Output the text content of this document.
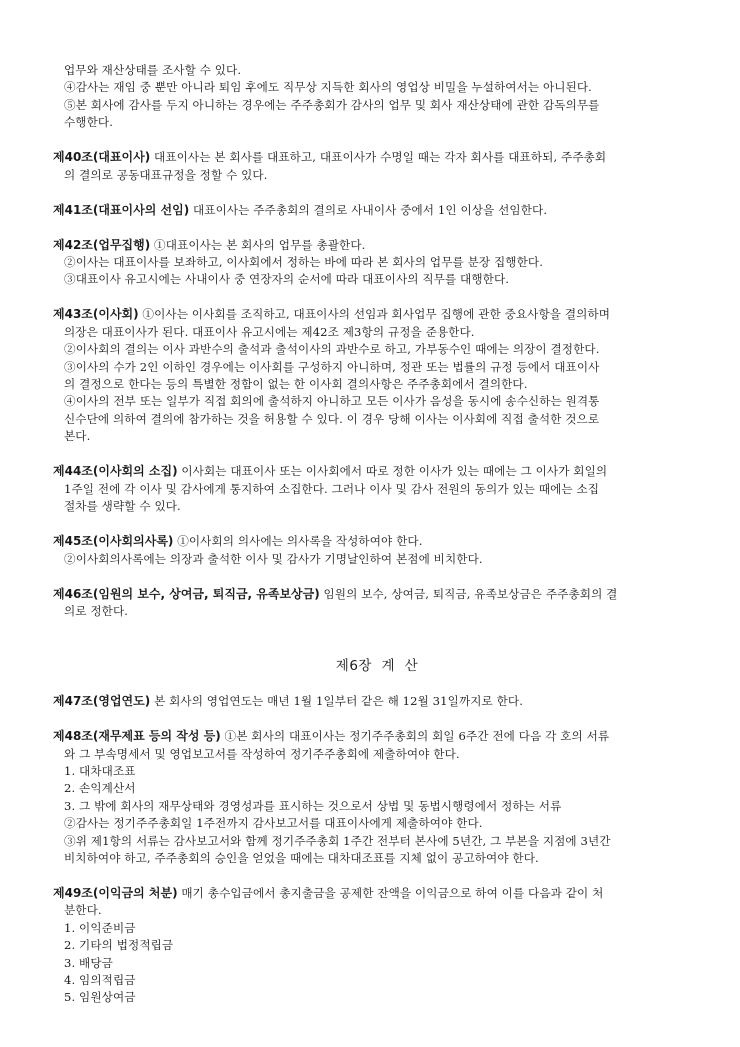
업무와 재산상태를 조사할 수 있다.
④감사는 재임 중 뿐만 아니라 퇴임 후에도 직무상 지득한 회사의 영업상 비밀을 누설하여서는 아니된다.
⑤본 회사에 감사를 두지 아니하는 경우에는 주주총회가 감사의 업무 및 회사 재산상태에 관한 감독의무를
수행한다.
제40조(대표이사) 대표이사는 본 회사를 대표하고, 대표이사가 수명일 때는 각자 회사를 대표하되, 주주총회
의 결의로 공동대표규정을 정할 수 있다.
제41조(대표이사의 선임) 대표이사는 주주총회의 결의로 사내이사 중에서 1인 이상을 선임한다.
제42조(업무집행) ①대표이사는 본 회사의 업무를 총괄한다.
②이사는 대표이사를 보좌하고, 이사회에서 정하는 바에 따라 본 회사의 업무를 분장 집행한다.
③대표이사 유고시에는 사내이사 중 연장자의 순서에 따라 대표이사의 직무를 대행한다.
제43조(이사회) ①이사는 이사회를 조직하고, 대표이사의 선임과 회사업무 집행에 관한 중요사항을 결의하며
의장은 대표이사가 된다. 대표이사 유고시에는 제42조 제3항의 규정을 준용한다.
②이사회의 결의는 이사 과반수의 출석과 출석이사의 과반수로 하고, 가부동수인 때에는 의장이 결정한다.
③이사의 수가 2인 이하인 경우에는 이사회를 구성하지 아니하며, 정관 또는 법률의 규정 등에서 대표이사
의 결정으로 한다는 등의 특별한 정함이 없는 한 이사회 결의사항은 주주총회에서 결의한다.
④이사의 전부 또는 일부가 직접 회의에 출석하지 아니하고 모든 이사가 음성을 동시에 송수신하는 원격통
신수단에 의하여 결의에 참가하는 것을 허용할 수 있다. 이 경우 당해 이사는 이사회에 직접 출석한 것으로
본다.
제44조(이사회의 소집) 이사회는 대표이사 또는 이사회에서 따로 정한 이사가 있는 때에는 그 이사가 회일의
1주일 전에 각 이사 및 감사에게 통지하여 소집한다. 그러나 이사 및 감사 전원의 동의가 있는 때에는 소집
절차를 생략할 수 있다.
제45조(이사회의사록) ①이사회의 의사에는 의사록을 작성하여야 한다.
②이사회의사록에는 의장과 출석한 이사 및 감사가 기명날인하여 본점에 비치한다.
제46조(임원의 보수, 상여금, 퇴직금, 유족보상금) 임원의 보수, 상여금, 퇴직금, 유족보상금은 주주총회의 결
의로 정한다.
제6장  계  산
제47조(영업연도) 본 회사의 영업연도는 매년 1월 1일부터 같은 해 12월 31일까지로 한다.
제48조(재무제표 등의 작성 등) ①본 회사의 대표이사는 정기주주총회의 회일 6주간 전에 다음 각 호의 서류
와 그 부속명세서 및 영업보고서를 작성하여 정기주주총회에 제출하여야 한다.
1. 대차대조표
2. 손익계산서
3. 그 밖에 회사의 재무상태와 경영성과를 표시하는 것으로서 상법 및 동법시행령에서 정하는 서류
②감사는 정기주주총회일 1주전까지 감사보고서를 대표이사에게 제출하여야 한다.
③위 제1항의 서류는 감사보고서와 함께 정기주주총회 1주간 전부터 본사에 5년간, 그 부본을 지점에 3년간
비치하여야 하고, 주주총회의 승인을 얻었을 때에는 대차대조표를 지체 없이 공고하여야 한다.
제49조(이익금의 처분) 매기 총수입금에서 총지출금을 공제한 잔액을 이익금으로 하여 이를 다음과 같이 처
분한다.
1. 이익준비금
2. 기타의 법정적립금
3. 배당금
4. 임의적립금
5. 임원상여금
